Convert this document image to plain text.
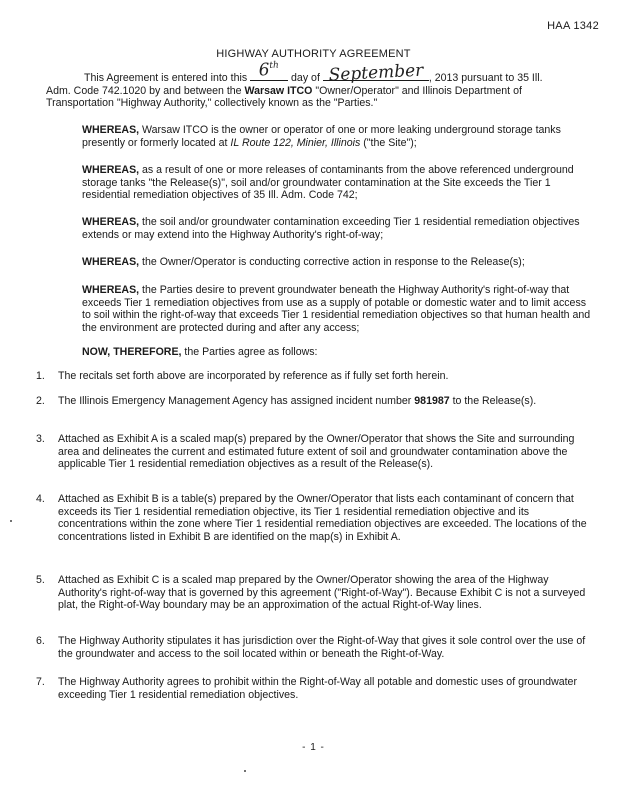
HAA 1342
HIGHWAY AUTHORITY AGREEMENT
This Agreement is entered into this 6th
day of September , 2013 pursuant to 35 Ill.
Adm. Code 742.1020 by and between the Warsaw ITCO "Owner/Operator" and Illinois Department of
Transportation "Highway Authority," collectively known as the "Parties."
WHEREAS, Warsaw ITCO is the owner or operator of one or more leaking underground storage tanks presently or formerly located at IL Route 122, Minier, Illinois ("the Site");
WHEREAS, as a result of one or more releases of contaminants from the above referenced underground storage tanks "the Release(s)", soil and/or groundwater contamination at the Site exceeds the Tier 1 residential remediation objectives of 35 Ill. Adm. Code 742;
WHEREAS, the soil and/or groundwater contamination exceeding Tier 1 residential remediation objectives extends or may extend into the Highway Authority's right-of-way;
WHEREAS, the Owner/Operator is conducting corrective action in response to the Release(s);
WHEREAS, the Parties desire to prevent groundwater beneath the Highway Authority's right-of-way that exceeds Tier 1 remediation objectives from use as a supply of potable or domestic water and to limit access to soil within the right-of-way that exceeds Tier 1 residential remediation objectives so that human health and the environment are protected during and after any access;
NOW, THEREFORE, the Parties agree as follows:
1.	The recitals set forth above are incorporated by reference as if fully set forth herein.
2.	The Illinois Emergency Management Agency has assigned incident number 981987 to the Release(s).
3.	Attached as Exhibit A is a scaled map(s) prepared by the Owner/Operator that shows the Site and surrounding area and delineates the current and estimated future extent of soil and groundwater contamination above the applicable Tier 1 residential remediation objectives as a result of the Release(s).
4.	Attached as Exhibit B is a table(s) prepared by the Owner/Operator that lists each contaminant of concern that exceeds its Tier 1 residential remediation objective, its Tier 1 residential remediation objective and its concentrations within the zone where Tier 1 residential remediation objectives are exceeded. The locations of the concentrations listed in Exhibit B are identified on the map(s) in Exhibit A.
5.	Attached as Exhibit C is a scaled map prepared by the Owner/Operator showing the area of the Highway Authority's right-of-way that is governed by this agreement ("Right-of-Way"). Because Exhibit C is not a surveyed plat, the Right-of-Way boundary may be an approximation of the actual Right-of-Way lines.
6.	The Highway Authority stipulates it has jurisdiction over the Right-of-Way that gives it sole control over the use of the groundwater and access to the soil located within or beneath the Right-of-Way.
7.	The Highway Authority agrees to prohibit within the Right-of-Way all potable and domestic uses of groundwater exceeding Tier 1 residential remediation objectives.
- 1 -
